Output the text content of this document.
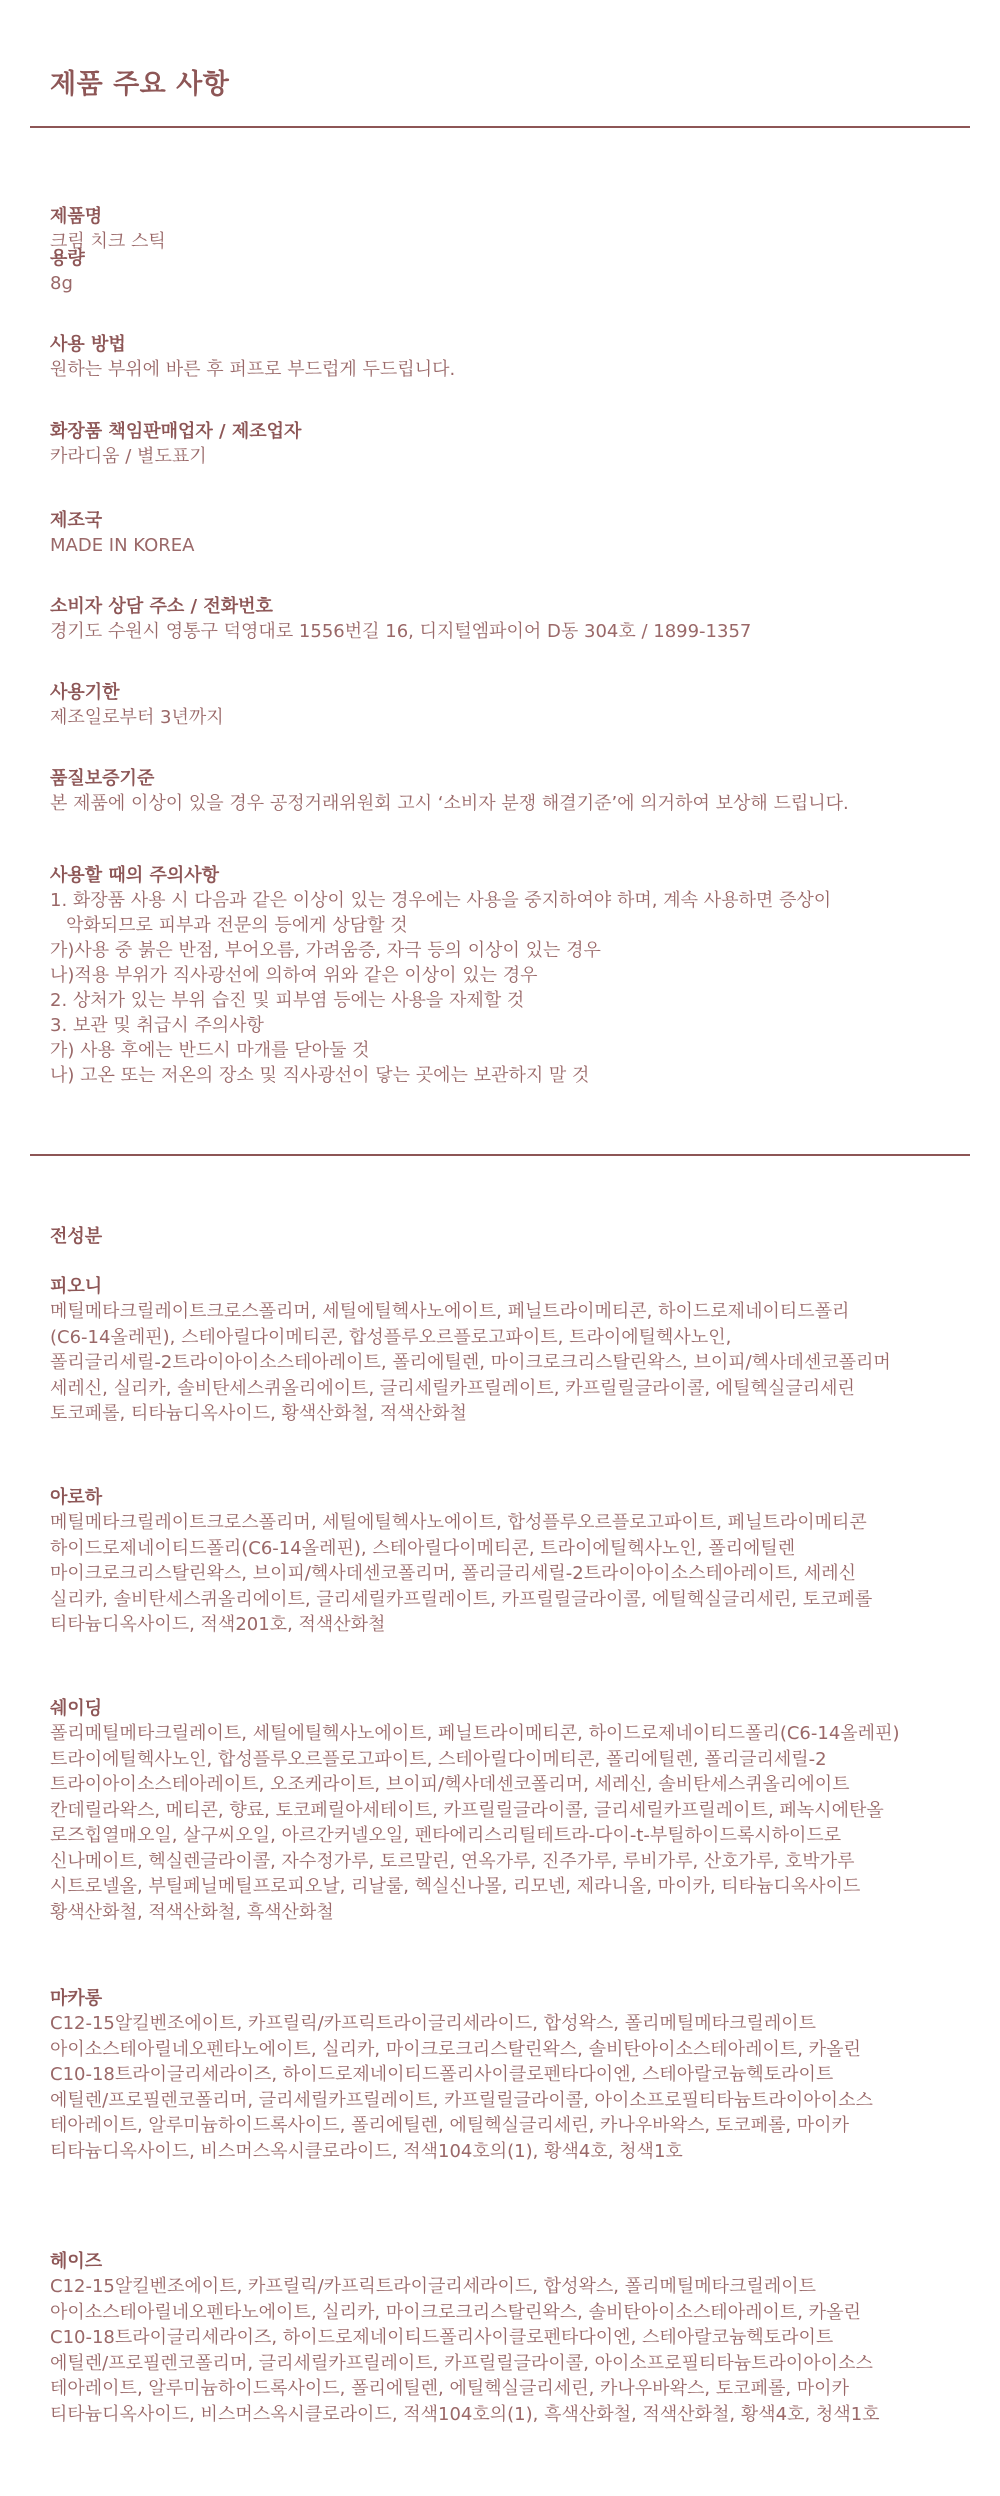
제품 주요 사항
제품명
크림 치크 스틱
용량
8g
사용 방법
원하는 부위에 바른 후 퍼프로 부드럽게 두드립니다.
화장품 책임판매업자 / 제조업자
카라디움 / 별도표기
제조국
MADE IN KOREA
소비자 상담 주소 / 전화번호
경기도 수원시 영통구 덕영대로 1556번길 16, 디지털엠파이어 D동 304호 / 1899-1357
사용기한
제조일로부터 3년까지
품질보증기준
본 제품에 이상이 있을 경우 공정거래위원회 고시 ‘소비자 분쟁 해결기준’에 의거하여 보상해 드립니다.
사용할 때의 주의사항
1. 화장품 사용 시 다음과 같은 이상이 있는 경우에는 사용을 중지하여야 하며, 계속 사용하면 증상이
악화되므로 피부과 전문의 등에게 상담할 것
가)사용 중 붉은 반점, 부어오름, 가려움증, 자극 등의 이상이 있는 경우
나)적용 부위가 직사광선에 의하여 위와 같은 이상이 있는 경우
2. 상처가 있는 부위 습진 및 피부염 등에는 사용을 자제할 것
3. 보관 및 취급시 주의사항
가) 사용 후에는 반드시 마개를 닫아둘 것
나) 고온 또는 저온의 장소 및 직사광선이 닿는 곳에는 보관하지 말 것
전성분
피오니
메틸메타크릴레이트크로스폴리머, 세틸에틸헥사노에이트, 페닐트라이메티콘, 하이드로제네이티드폴리
(C6-14올레핀), 스테아릴다이메티콘, 합성플루오르플로고파이트, 트라이에틸헥사노인,
폴리글리세릴-2트라이아이소스테아레이트, 폴리에틸렌, 마이크로크리스탈린왁스, 브이피/헥사데센코폴리머
세레신, 실리카, 솔비탄세스퀴올리에이트, 글리세릴카프릴레이트, 카프릴릴글라이콜, 에틸헥실글리세린
토코페롤, 티타늄디옥사이드, 황색산화철, 적색산화철
아로하
메틸메타크릴레이트크로스폴리머, 세틸에틸헥사노에이트, 합성플루오르플로고파이트, 페닐트라이메티콘
하이드로제네이티드폴리(C6-14올레핀), 스테아릴다이메티콘, 트라이에틸헥사노인, 폴리에틸렌
마이크로크리스탈린왁스, 브이피/헥사데센코폴리머, 폴리글리세릴-2트라이아이소스테아레이트, 세레신
실리카, 솔비탄세스퀴올리에이트, 글리세릴카프릴레이트, 카프릴릴글라이콜, 에틸헥실글리세린, 토코페롤
티타늄디옥사이드, 적색201호, 적색산화철
쉐이딩
폴리메틸메타크릴레이트, 세틸에틸헥사노에이트, 페닐트라이메티콘, 하이드로제네이티드폴리(C6-14올레핀)
트라이에틸헥사노인, 합성플루오르플로고파이트, 스테아릴다이메티콘, 폴리에틸렌, 폴리글리세릴-2
트라이아이소스테아레이트, 오조케라이트, 브이피/헥사데센코폴리머, 세레신, 솔비탄세스퀴올리에이트
칸데릴라왁스, 메티콘, 향료, 토코페릴아세테이트, 카프릴릴글라이콜, 글리세릴카프릴레이트, 페녹시에탄올
로즈힙열매오일, 살구씨오일, 아르간커넬오일, 펜타에리스리틸테트라-다이-t-부틸하이드록시하이드로
신나메이트, 헥실렌글라이콜, 자수정가루, 토르말린, 연옥가루, 진주가루, 루비가루, 산호가루, 호박가루
시트로넬올, 부틸페닐메틸프로피오날, 리날룰, 헥실신나몰, 리모넨, 제라니올, 마이카, 티타늄디옥사이드
황색산화철, 적색산화철, 흑색산화철
마카롱
C12-15알킬벤조에이트, 카프릴릭/카프릭트라이글리세라이드, 합성왁스, 폴리메틸메타크릴레이트
아이소스테아릴네오펜타노에이트, 실리카, 마이크로크리스탈린왁스, 솔비탄아이소스테아레이트, 카올린
C10-18트라이글리세라이즈, 하이드로제네이티드폴리사이클로펜타다이엔, 스테아랄코늄헥토라이트
에틸렌/프로필렌코폴리머, 글리세릴카프릴레이트, 카프릴릴글라이콜, 아이소프로필티타늄트라이아이소스
테아레이트, 알루미늄하이드록사이드, 폴리에틸렌, 에틸헥실글리세린, 카나우바왁스, 토코페롤, 마이카
티타늄디옥사이드, 비스머스옥시클로라이드, 적색104호의(1), 황색4호, 청색1호
헤이즈
C12-15알킬벤조에이트, 카프릴릭/카프릭트라이글리세라이드, 합성왁스, 폴리메틸메타크릴레이트
아이소스테아릴네오펜타노에이트, 실리카, 마이크로크리스탈린왁스, 솔비탄아이소스테아레이트, 카올린
C10-18트라이글리세라이즈, 하이드로제네이티드폴리사이클로펜타다이엔, 스테아랄코늄헥토라이트
에틸렌/프로필렌코폴리머, 글리세릴카프릴레이트, 카프릴릴글라이콜, 아이소프로필티타늄트라이아이소스
테아레이트, 알루미늄하이드록사이드, 폴리에틸렌, 에틸헥실글리세린, 카나우바왁스, 토코페롤, 마이카
티타늄디옥사이드, 비스머스옥시클로라이드, 적색104호의(1), 흑색산화철, 적색산화철, 황색4호, 청색1호
